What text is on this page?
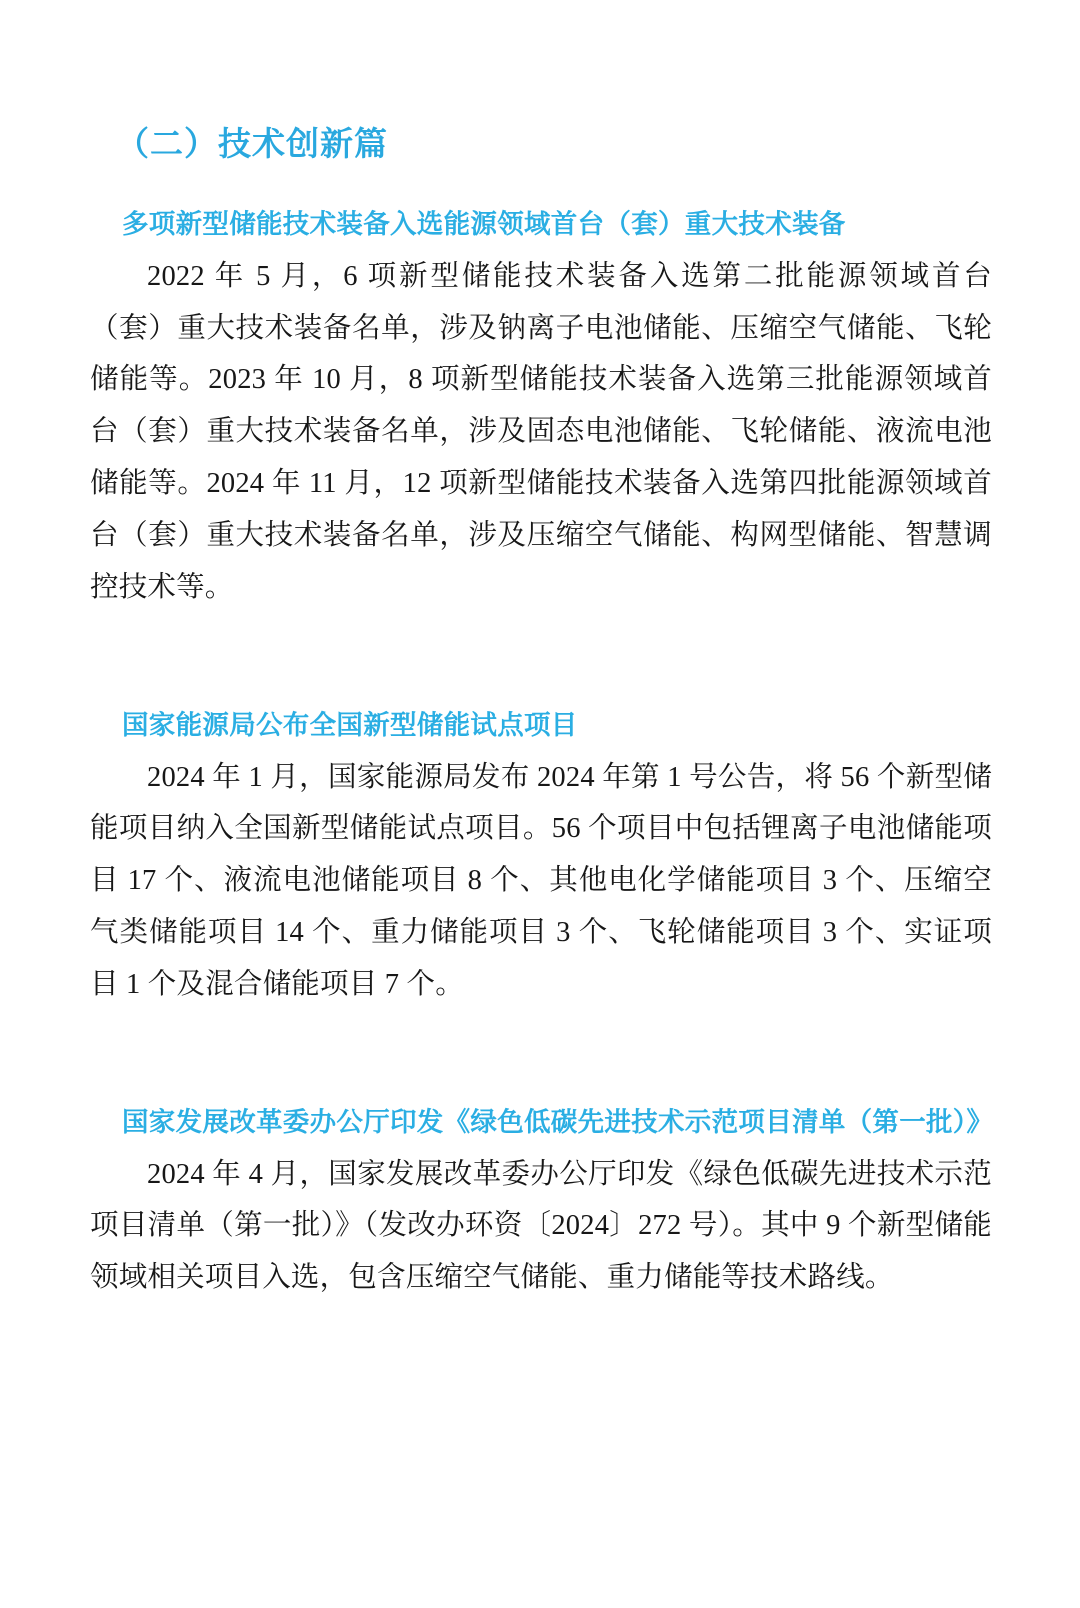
（二）技术创新篇
多项新型储能技术装备入选能源领域首台（套）重大技术装备

2022 年 5 月，6 项新型储能技术装备入选第二批能源领域首台（套）重大技术装备名单，涉及钠离子电池储能、压缩空气储能、飞轮储能等。2023 年 10 月，8 项新型储能技术装备入选第三批能源领域首台（套）重大技术装备名单，涉及固态电池储能、飞轮储能、液流电池储能等。2024 年 11 月，12 项新型储能技术装备入选第四批能源领域首台（套）重大技术装备名单，涉及压缩空气储能、构网型储能、智慧调控技术等。

国家能源局公布全国新型储能试点项目

2024 年 1 月，国家能源局发布 2024 年第 1 号公告，将 56 个新型储能项目纳入全国新型储能试点项目。56 个项目中包括锂离子电池储能项目 17 个、液流电池储能项目 8 个、其他电化学储能项目 3 个、压缩空气类储能项目 14 个、重力储能项目 3 个、飞轮储能项目 3 个、实证项目 1 个及混合储能项目 7 个。

国家发展改革委办公厅印发《绿色低碳先进技术示范项目清单（第一批）》

2024 年 4 月，国家发展改革委办公厅印发《绿色低碳先进技术示范项目清单（第一批）》（发改办环资〔2024〕272 号）。其中 9 个新型储能领域相关项目入选，包含压缩空气储能、重力储能等技术路线。
